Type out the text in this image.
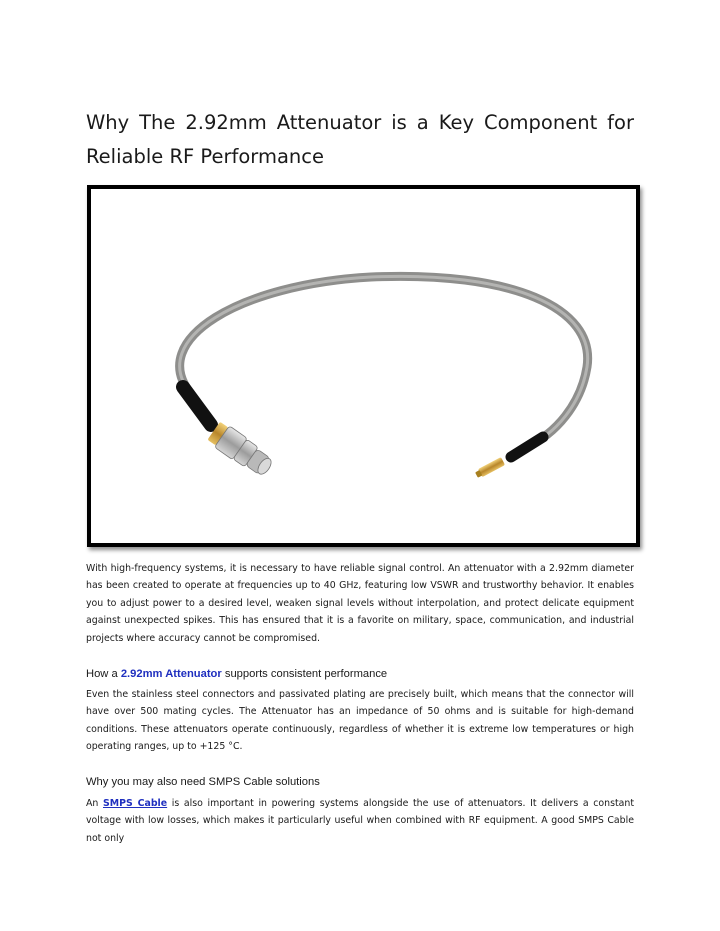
Why The 2.92mm Attenuator is a Key Component for Reliable RF Performance

With high-frequency systems, it is necessary to have reliable signal control. An attenuator with a 2.92mm diameter has been created to operate at frequencies up to 40 GHz, featuring low VSWR and trustworthy behavior. It enables you to adjust power to a desired level, weaken signal levels without interpolation, and protect delicate equipment against unexpected spikes. This has ensured that it is a favorite on military, space, communication, and industrial projects where accuracy cannot be compromised.

How a 2.92mm Attenuator supports consistent performance

Even the stainless steel connectors and passivated plating are precisely built, which means that the connector will have over 500 mating cycles. The Attenuator has an impedance of 50 ohms and is suitable for high-demand conditions. These attenuators operate continuously, regardless of whether it is extreme low temperatures or high operating ranges, up to +125 °C.

Why you may also need SMPS Cable solutions

An SMPS Cable is also important in powering systems alongside the use of attenuators. It delivers a constant voltage with low losses, which makes it particularly useful when combined with RF equipment. A good SMPS Cable not only
